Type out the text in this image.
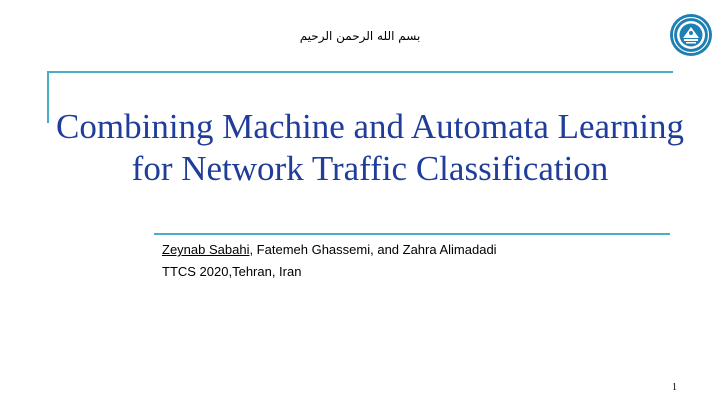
بسم الله الرحمن الرحیم
Combining Machine and Automata Learning
for Network Traffic Classification
Zeynab Sabahi, Fatemeh Ghassemi, and Zahra Alimadadi
TTCS 2020,Tehran, Iran
1
